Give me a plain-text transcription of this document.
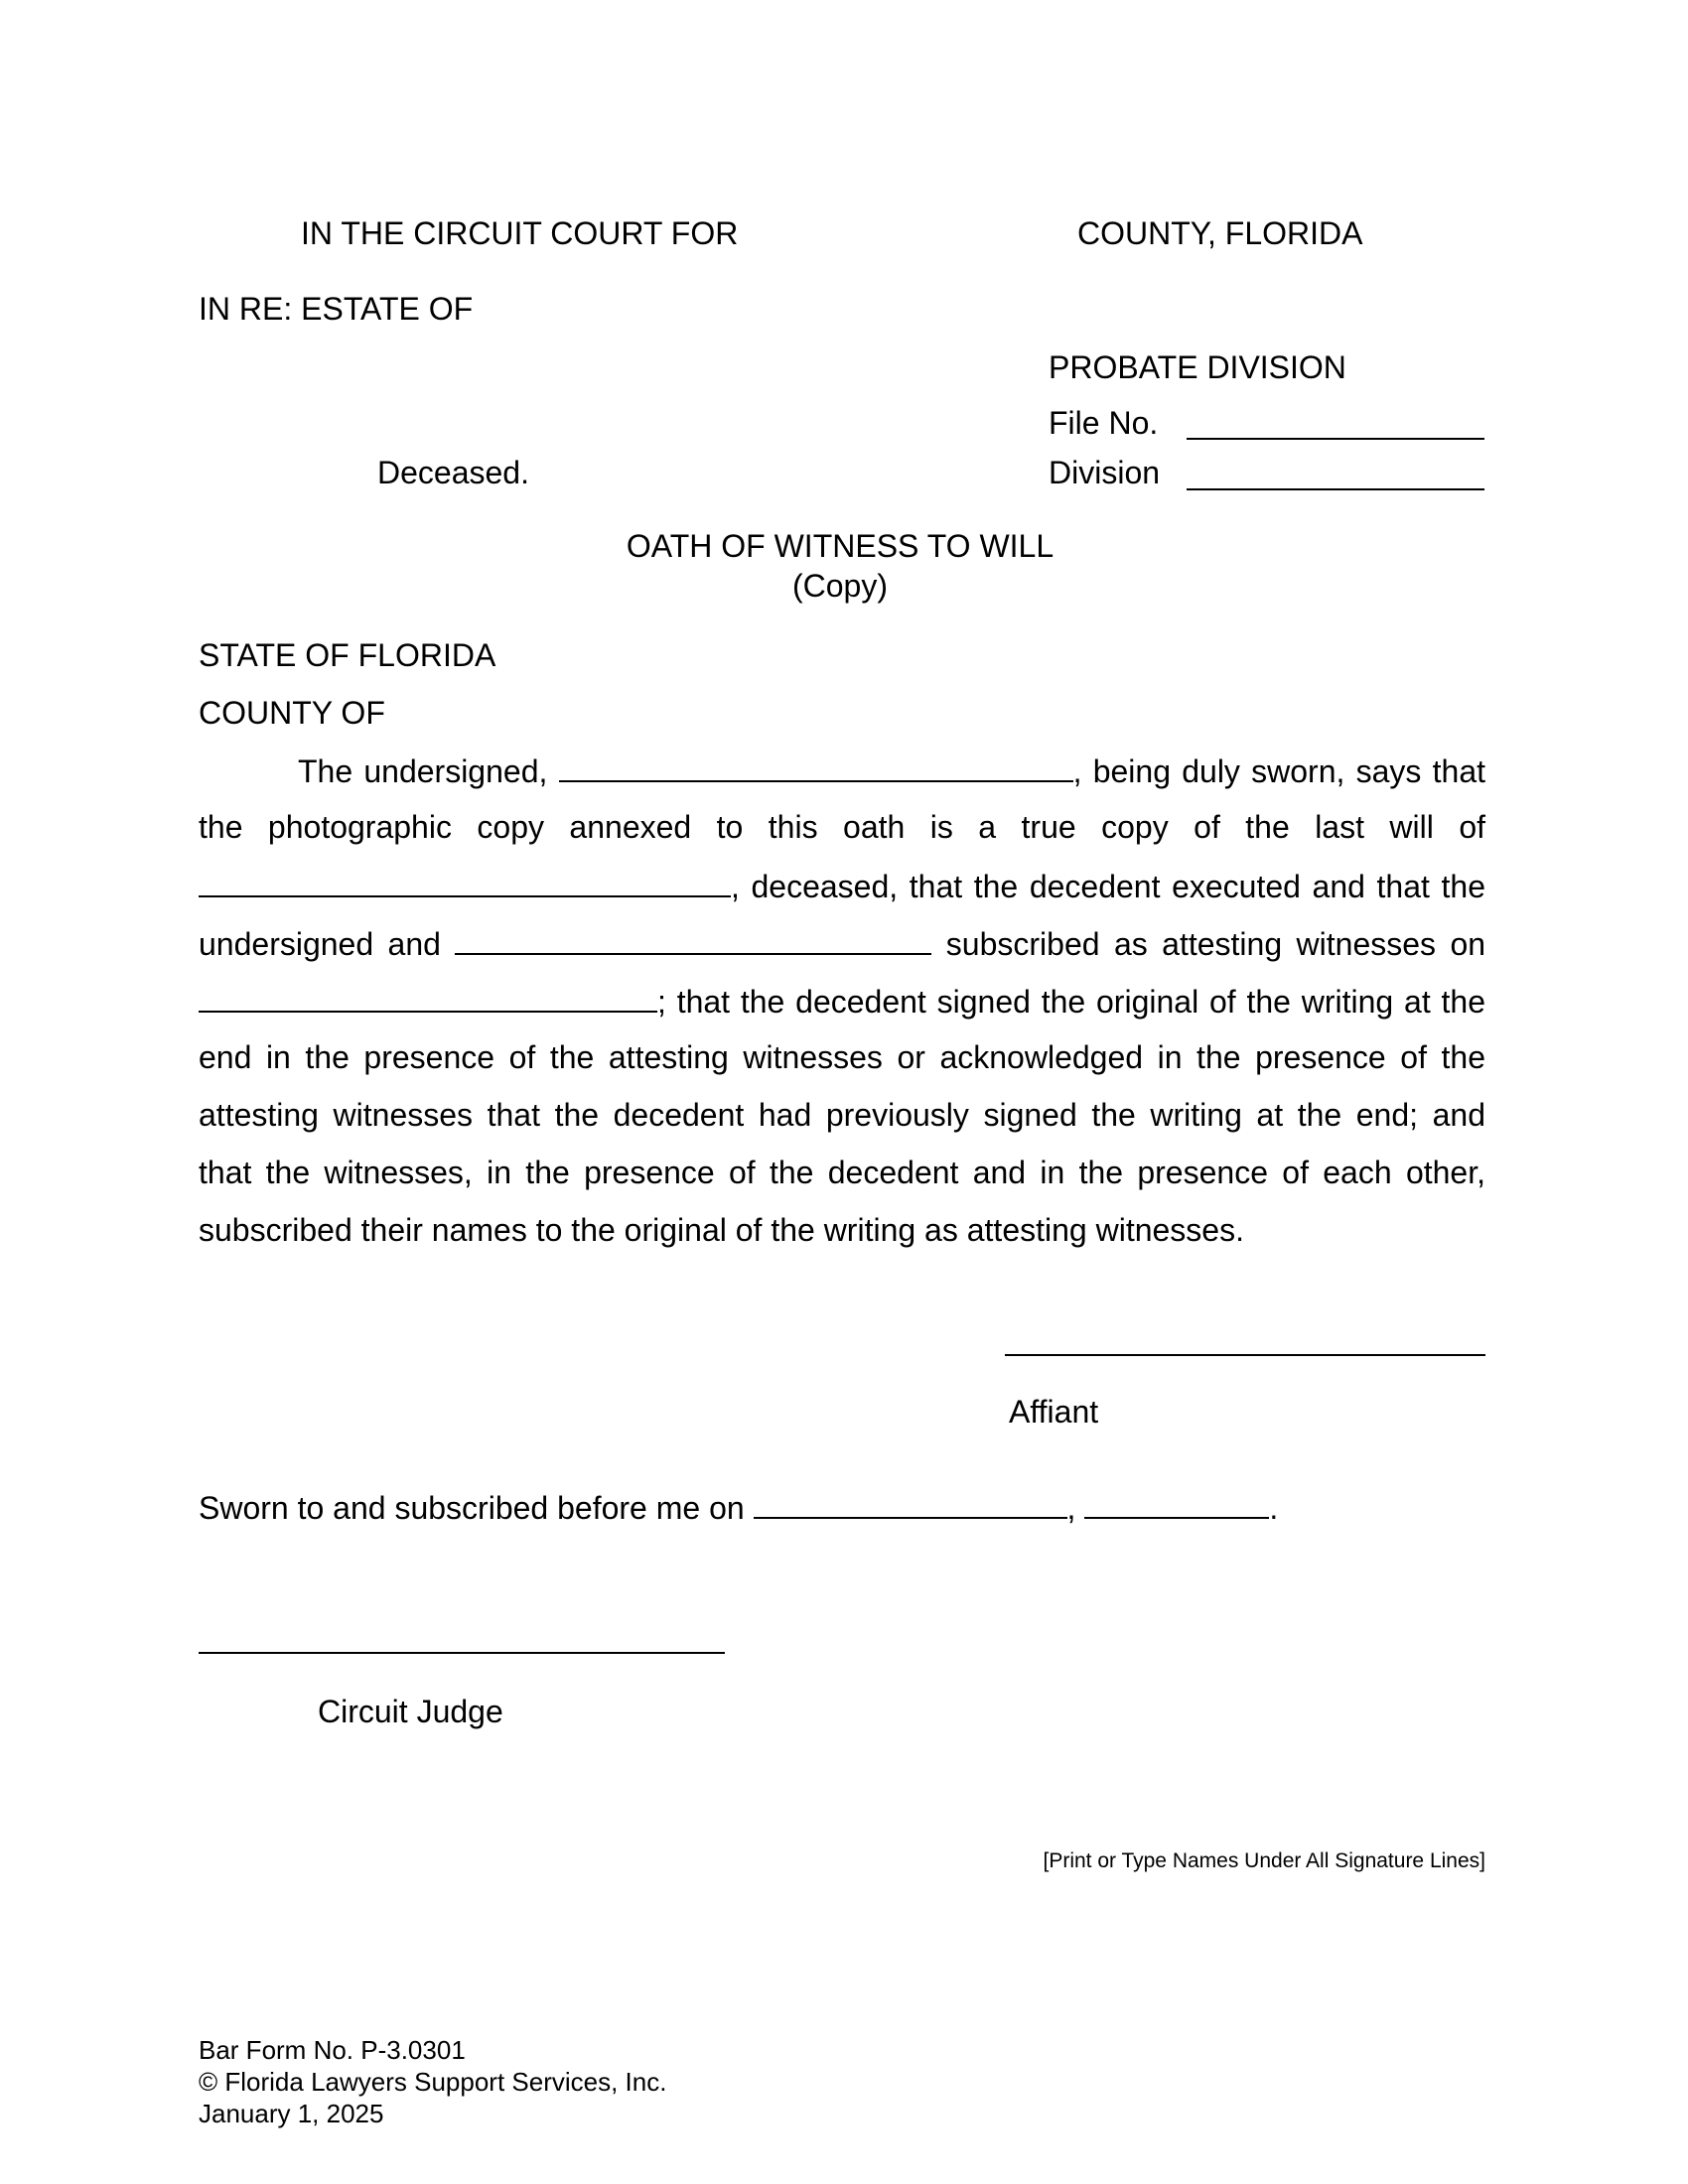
IN THE CIRCUIT COURT FOR	COUNTY, FLORIDA
IN RE: ESTATE OF
PROBATE DIVISION
File No.
Deceased.	Division
OATH OF WITNESS TO WILL
(Copy)
STATE OF FLORIDA
COUNTY OF
The undersigned,	, being duly sworn, says that
the photographic copy annexed to this oath is a true copy of the last will of
, deceased, that the decedent executed and that the
undersigned and	subscribed as attesting witnesses on
; that the decedent signed the original of the writing at the
end in the presence of the attesting witnesses or acknowledged in the presence of the
attesting witnesses that the decedent had previously signed the writing at the end; and
that the witnesses, in the presence of the decedent and in the presence of each other,
subscribed their names to the original of the writing as attesting witnesses.
Affiant
Sworn to and subscribed before me on	,	.
Circuit Judge
[Print or Type Names Under All Signature Lines]
Bar Form No. P-3.0301
© Florida Lawyers Support Services, Inc.
January 1, 2025
